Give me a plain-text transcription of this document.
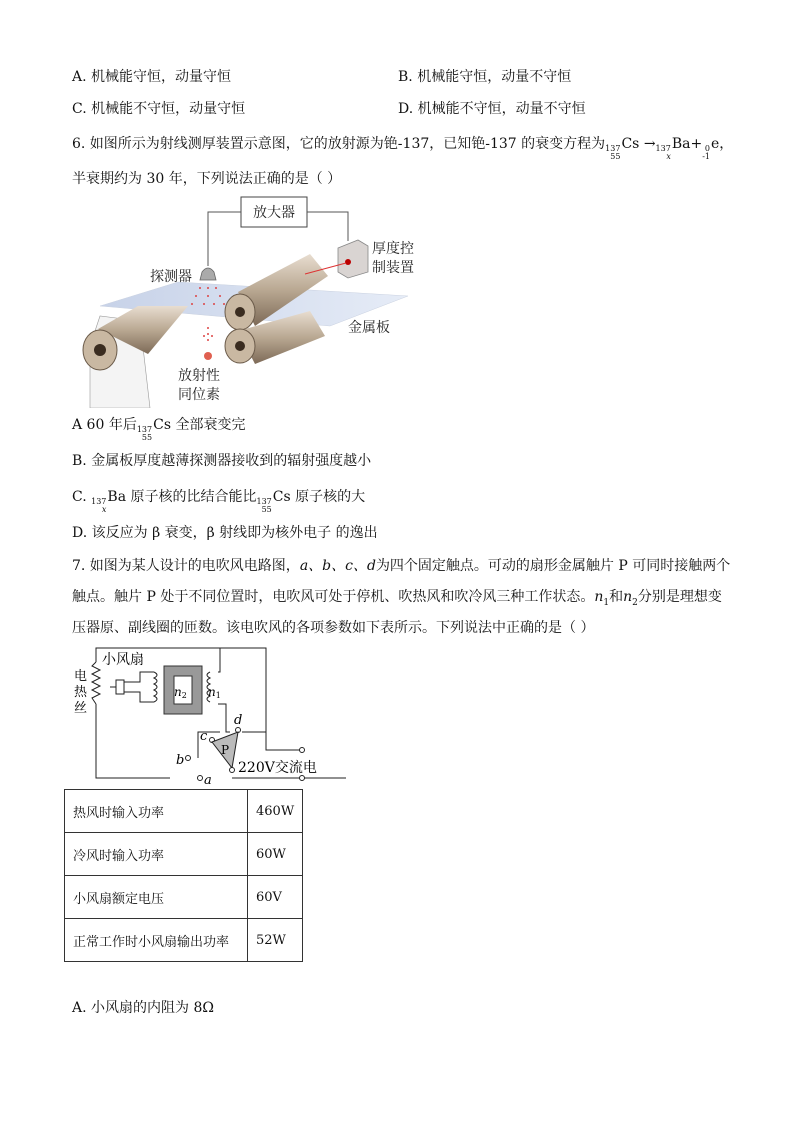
A. 机械能守恒，动量守恒	B. 机械能守恒，动量不守恒
C. 机械能不守恒，动量守恒	D. 机械能不守恒，动量不守恒
6. 如图所示为射线测厚装置示意图，它的放射源为铯-137，已知铯-137 的衰变方程为 137
55
Cs → 137
x
Ba+ 0
-1
e，
半衰期约为 30 年，下列说法正确的是（ ）
放大器
厚度控
制装置
探测器
金属板
放射性
同位素
A 60 年后 137
55
Cs 全部衰变完
B. 金属板厚度越薄探测器接收到的辐射强度越小
C. 137
x
Ba 原子核的比结合能比 137
55
Cs 原子核的大
D. 该反应为 β 衰变，β 射线即为核外电子 的逸出
7. 如图为某人设计的电吹风电路图，a、b、c、d为四个固定触点。可动的扇形金属触片 P 可同时接触两个
触点。触片 P 处于不同位置时，电吹风可处于停机、吹热风和吹冷风三种工作状态。$n_1$和$n_2$分别是理想变
压器原、副线圈的匝数。该电吹风的各项参数如下表所示。下列说法中正确的是（ ）
P
小风扇
电
热
丝
n2 n1
a
b
c
d
220V交流电
热风时输入功率	460W
冷风时输入功率	60W
小风扇额定电压	60V
正常工作时小风扇输出功率	52W
A. 小风扇的内阻为 8Ω
